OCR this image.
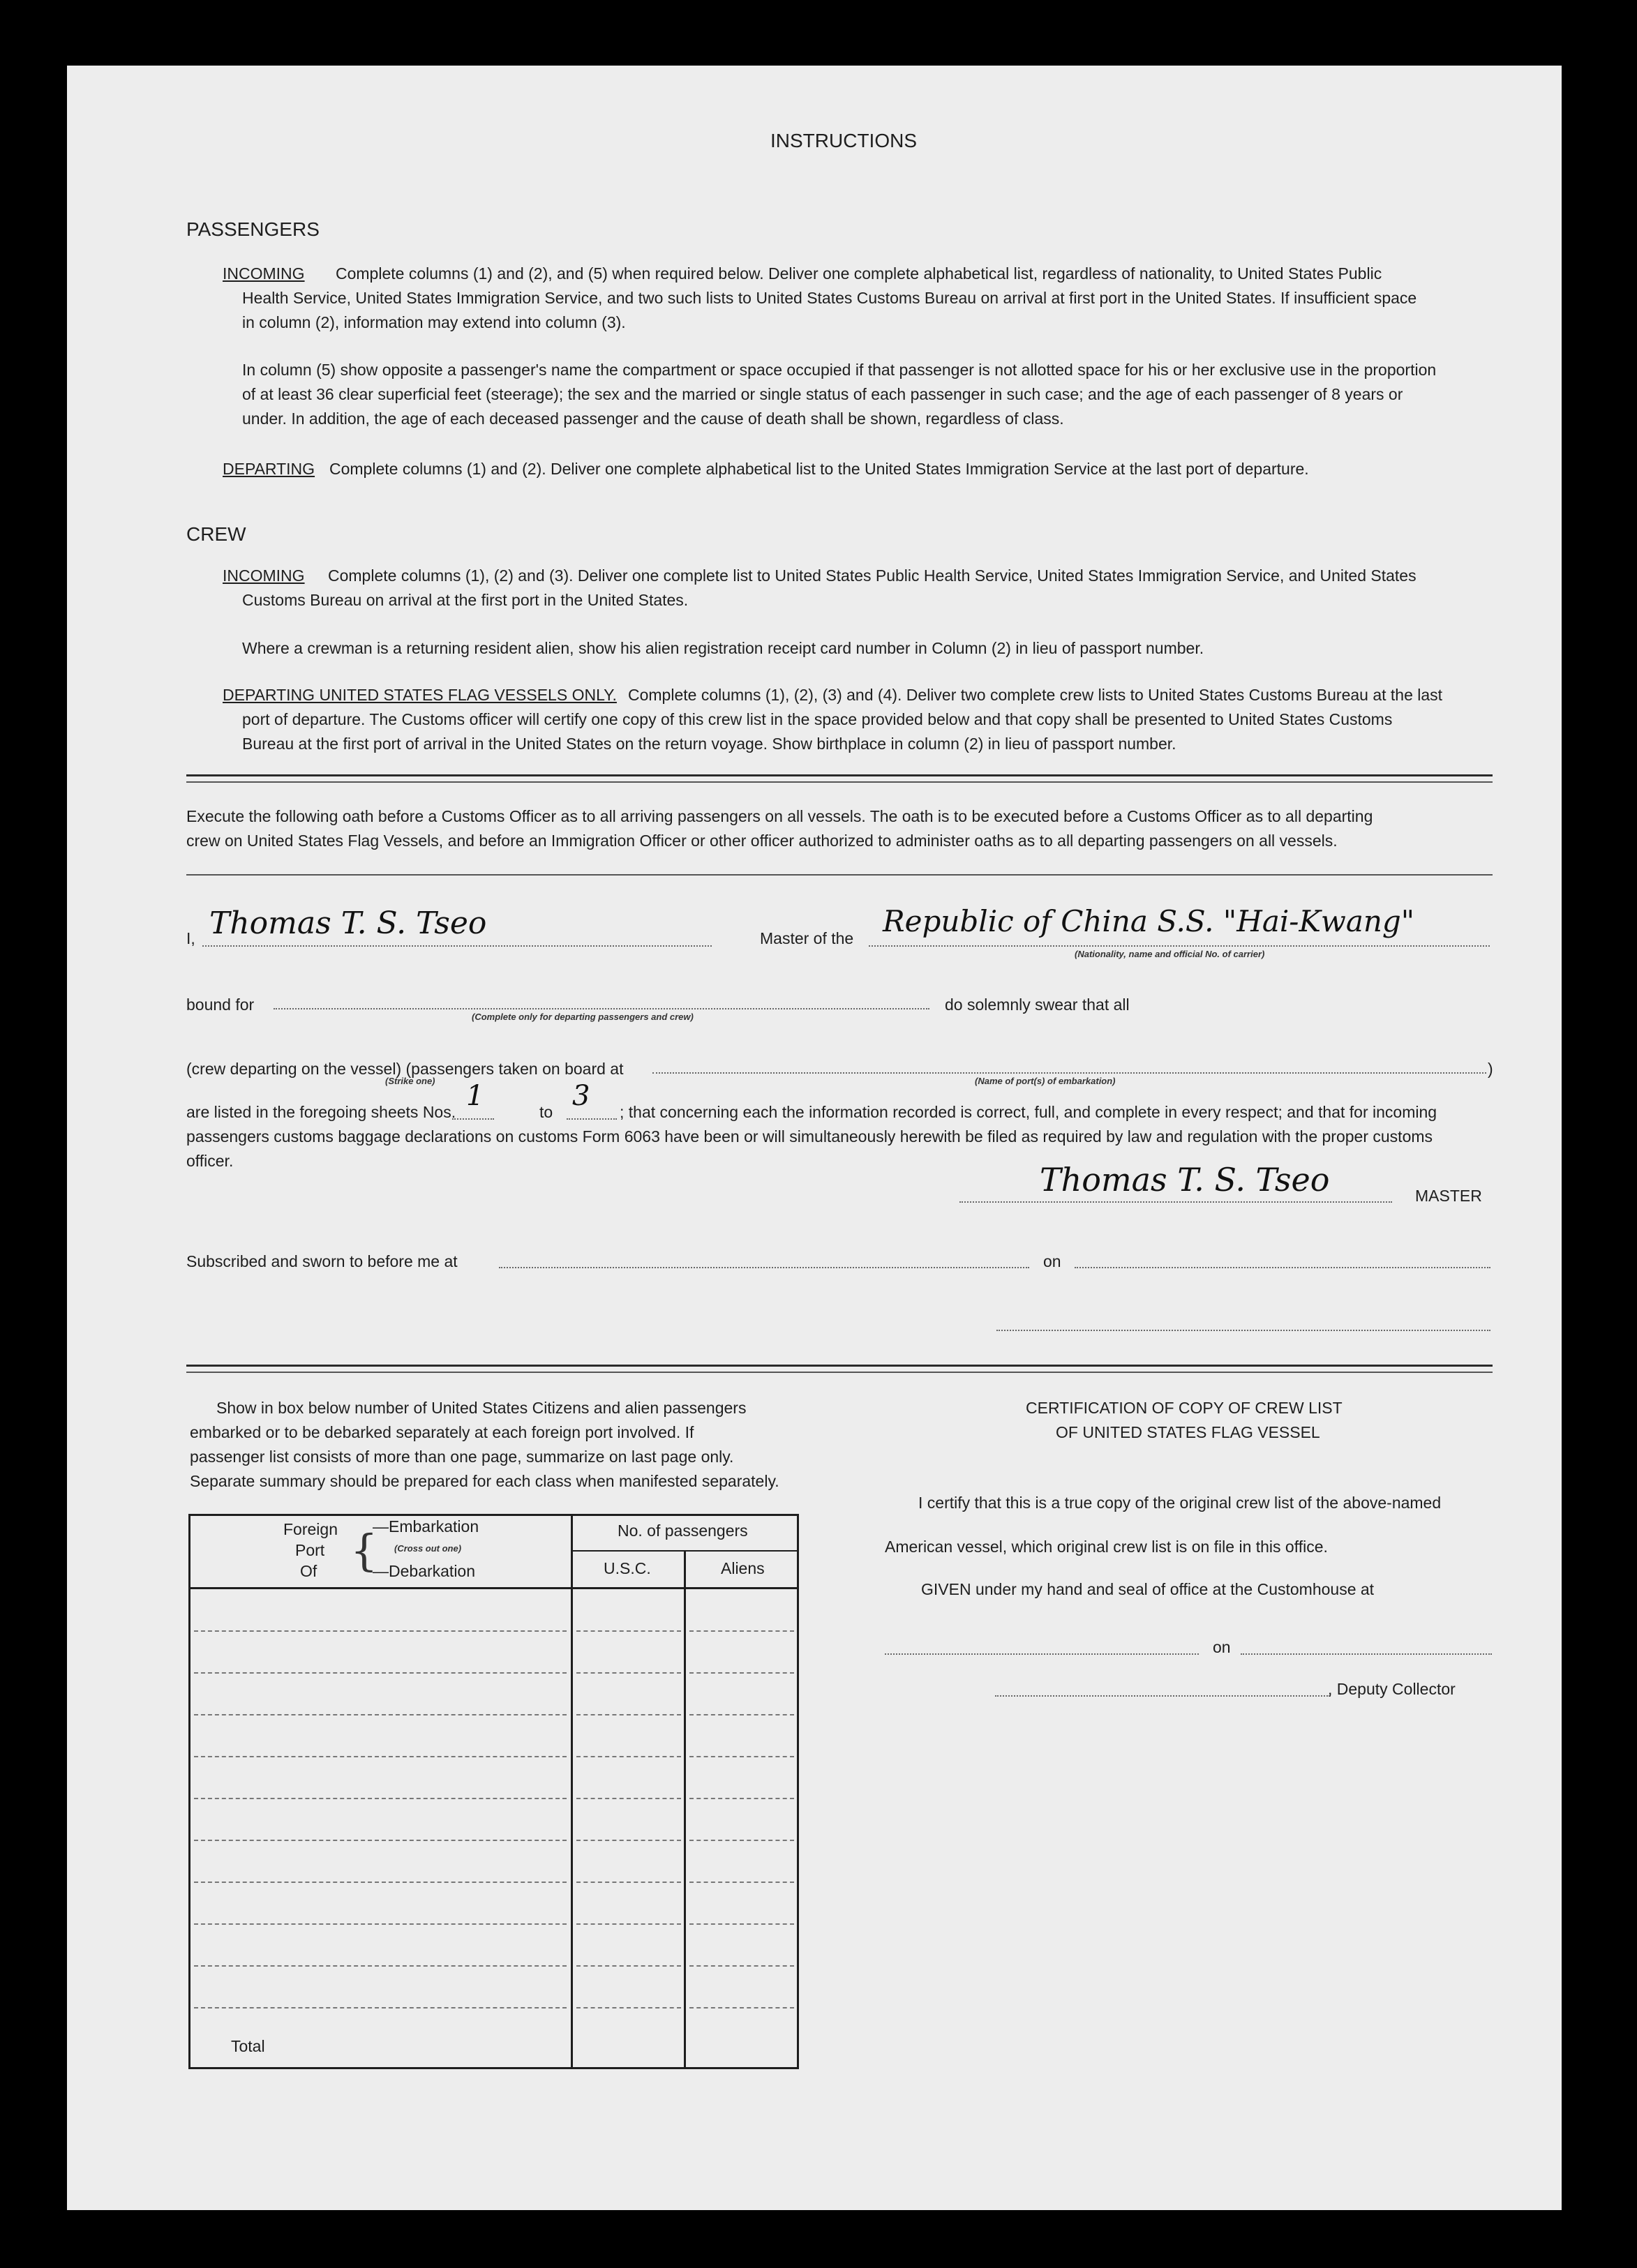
INSTRUCTIONS
PASSENGERS
INCOMING Complete columns (1) and (2), and (5) when required below. Deliver one complete alphabetical list, regardless of nationality, to United States Public
Health Service, United States Immigration Service, and two such lists to United States Customs Bureau on arrival at first port in the United States. If insufficient space
in column (2), information may extend into column (3).
In column (5) show opposite a passenger's name the compartment or space occupied if that passenger is not allotted space for his or her exclusive use in the proportion
of at least 36 clear superficial feet (steerage); the sex and the married or single status of each passenger in such case; and the age of each passenger of 8 years or
under. In addition, the age of each deceased passenger and the cause of death shall be shown, regardless of class.
DEPARTING Complete columns (1) and (2). Deliver one complete alphabetical list to the United States Immigration Service at the last port of departure.
CREW
INCOMING Complete columns (1), (2) and (3). Deliver one complete list to United States Public Health Service, United States Immigration Service, and United States
Customs Bureau on arrival at the first port in the United States.
Where a crewman is a returning resident alien, show his alien registration receipt card number in Column (2) in lieu of passport number.
DEPARTING UNITED STATES FLAG VESSELS ONLY. Complete columns (1), (2), (3) and (4). Deliver two complete crew lists to United States Customs Bureau at the last
port of departure. The Customs officer will certify one copy of this crew list in the space provided below and that copy shall be presented to United States Customs
Bureau at the first port of arrival in the United States on the return voyage. Show birthplace in column (2) in lieu of passport number.
Execute the following oath before a Customs Officer as to all arriving passengers on all vessels. The oath is to be executed before a Customs Officer as to all departing
crew on United States Flag Vessels, and before an Immigration Officer or other officer authorized to administer oaths as to all departing passengers on all vessels.
I, Thomas T. S. Tseo	Master of the Republic of China S.S. "Hai-Kwang"
(Nationality, name and official No. of carrier)
bound for
(Complete only for departing passengers and crew)
do solemnly swear that all
(crew departing on the vessel) (passengers taken on board at	)
(Strike one)	(Name of port(s) of embarkation)
are listed in the foregoing sheets Nos. 1	to 3 ; that concerning each the information recorded is correct, full, and complete in every respect; and that for incoming
passengers customs baggage declarations on customs Form 6063 have been or will simultaneously herewith be filed as required by law and regulation with the proper customs
officer.	Thomas T. S. Tseo	MASTER
Subscribed and sworn to before me at	on
Show in box below number of United States Citizens and alien passengers
embarked or to be debarked separately at each foreign port involved. If
passenger list consists of more than one page, summarize on last page only.
Separate summary should be prepared for each class when manifested separately.
Foreign
Port
Of {
—Embarkation
(Cross out one)
—Debarkation
No. of passengers
U.S.C.	Aliens
Total
CERTIFICATION OF COPY OF CREW LIST
OF UNITED STATES FLAG VESSEL
I certify that this is a true copy of the original crew list of the above-named
American vessel, which original crew list is on file in this office.
GIVEN under my hand and seal of office at the Customhouse at
on
, Deputy Collector
